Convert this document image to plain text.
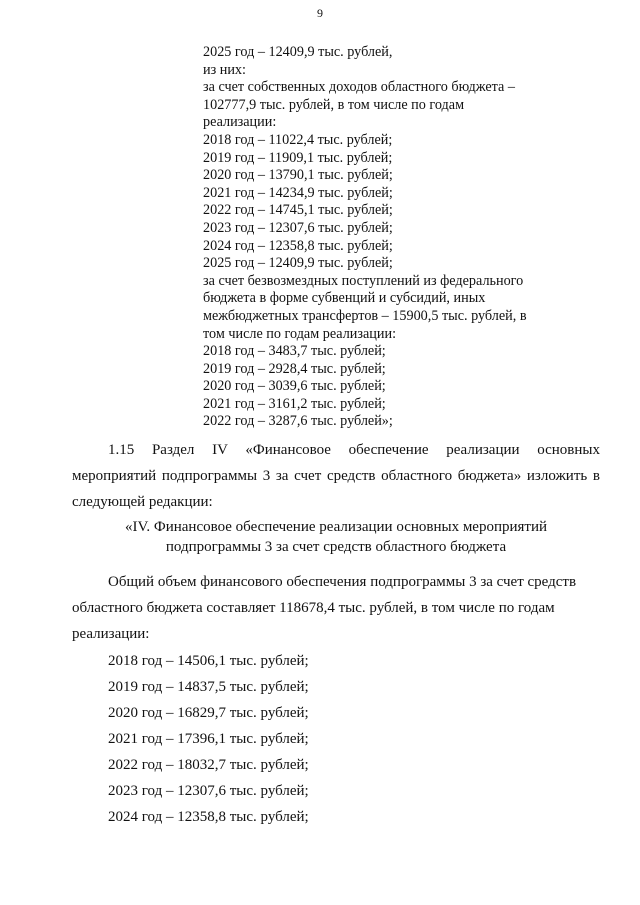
9
2025 год – 12409,9 тыс. рублей,
из них:
за счет собственных доходов областного бюджета –
102777,9 тыс. рублей, в том числе по годам
реализации:
2018 год – 11022,4 тыс. рублей;
2019 год – 11909,1 тыс. рублей;
2020 год – 13790,1 тыс. рублей;
2021 год – 14234,9 тыс. рублей;
2022 год – 14745,1 тыс. рублей;
2023 год – 12307,6 тыс. рублей;
2024 год – 12358,8 тыс. рублей;
2025 год – 12409,9 тыс. рублей;
за счет безвозмездных поступлений из федерального
бюджета в форме субвенций и субсидий, иных
межбюджетных трансфертов – 15900,5 тыс. рублей, в
том числе по годам реализации:
2018 год – 3483,7 тыс. рублей;
2019 год – 2928,4 тыс. рублей;
2020 год – 3039,6 тыс. рублей;
2021 год – 3161,2 тыс. рублей;
2022 год – 3287,6 тыс. рублей»;
1.15 Раздел IV «Финансовое обеспечение реализации основных
мероприятий подпрограммы 3 за счет средств областного бюджета» изложить в
следующей редакции:
«IV. Финансовое обеспечение реализации основных мероприятий
подпрограммы 3 за счет средств областного бюджета
Общий объем финансового обеспечения подпрограммы 3 за счет средств
областного бюджета составляет 118678,4 тыс. рублей, в том числе по годам
реализации:
2018 год – 14506,1 тыс. рублей;
2019 год – 14837,5 тыс. рублей;
2020 год – 16829,7 тыс. рублей;
2021 год – 17396,1 тыс. рублей;
2022 год – 18032,7 тыс. рублей;
2023 год – 12307,6 тыс. рублей;
2024 год – 12358,8 тыс. рублей;
